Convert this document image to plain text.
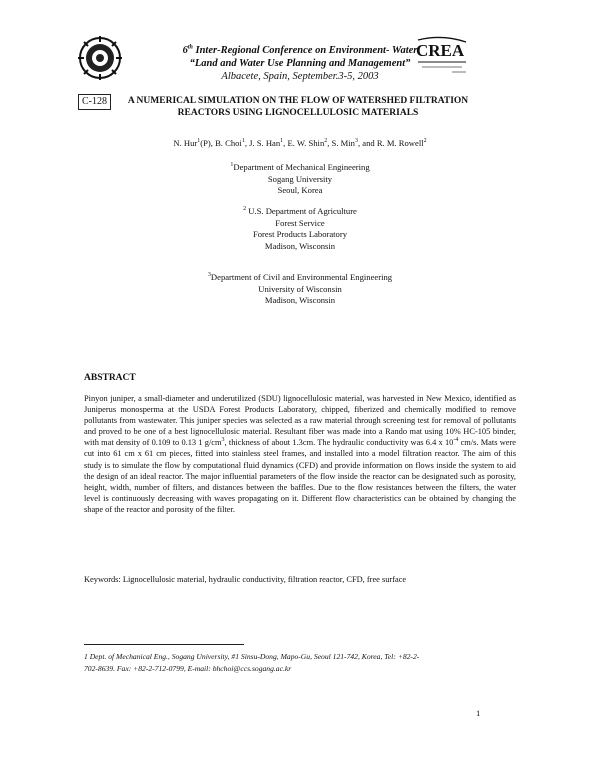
6th Inter-Regional Conference on Environment- Water
“Land and Water Use Planning and Management”
Albacete, Spain, September.3-5, 2003
CREA
C-128	A NUMERICAL SIMULATION ON THE FLOW OF WATERSHED FILTRATION REACTORS USING LIGNOCELLULOSIC MATERIALS
N. Hur$^1$(P), B. Choi$^1$, J. S. Han$^1$, E. W. Shin$^2$, S. Min$^3$, and R. M. Rowell$^2$
$^1$Department of Mechanical Engineering
Sogang University
Seoul, Korea
$^2$ U.S. Department of Agriculture
Forest Service
Forest Products Laboratory
Madison, Wisconsin
$^3$Department of Civil and Environmental Engineering
University of Wisconsin
Madison, Wisconsin
ABSTRACT
Pinyon juniper, a small-diameter and underutilized (SDU) lignocellulosic material, was harvested in New Mexico, identified as Juniperus monosperma at the USDA Forest Products Laboratory, chipped, fiberized and chemically modified to remove pollutants from wastewater. This juniper species was selected as a raw material through screening test for removal of pollutants and proved to be one of a best lignocellulosic material. Resultant fiber was made into a Rando mat using 10% HC-105 binder, with mat density of 0.109 to 0.13 1 $g/cm^3$, thickness of about 1.3cm. The hydraulic conductivity was 6.4 x $10^{-4}$ cm/s. Mats were cut into 61 cm x 61 cm pieces, fitted into stainless steel frames, and installed into a model filtration reactor. The aim of this study is to simulate the flow by computational fluid dynamics (CFD) and provide information on flows inside the system to aid the design of an ideal reactor. The major influential parameters of the flow inside the reactor can be designated such as porosity, height, width, number of filters, and distances between the baffles. Due to the flow resistances between the filters, the water level is continuously decreasing with waves propagating on it. Different flow characteristics can be obtained by changing the shape of the reactor and porosity of the filter.
Keywords: Lignocellulosic material, hydraulic conductivity, filtration reactor, CFD, free surface
1 Dept. of Mechanical Eng., Sogang University, #1 Sinsu-Dong, Mapo-Gu, Seoul 121-742, Korea, Tel: +82-2-
702-8639. Fax: +82-2-712-0799, E-mail: bhchoi@ccs.sogang.ac.kr
1
